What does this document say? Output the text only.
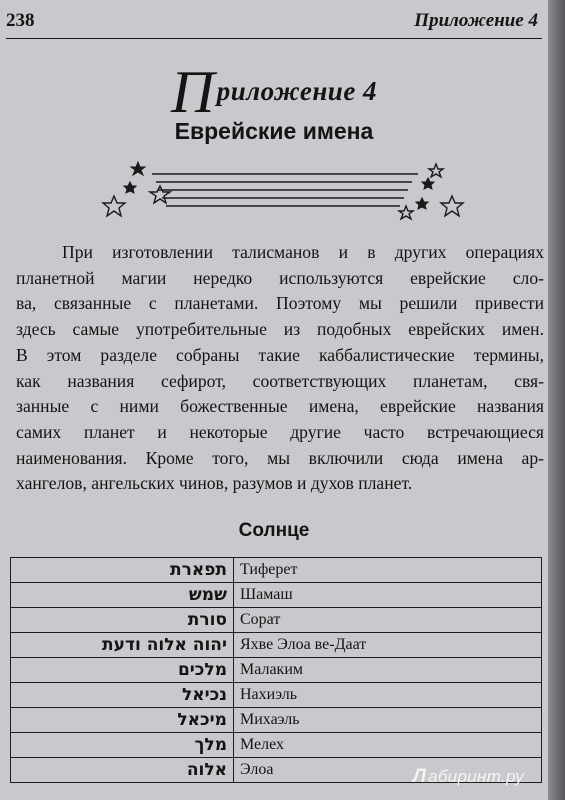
238	Приложение 4
Приложение 4
Еврейские имена
При изготовлении талисманов и в других операциях
планетной магии нередко используются еврейские сло-
ва, связанные с планетами. Поэтому мы решили привести
здесь самые употребительные из подобных еврейских имен.
В этом разделе собраны такие каббалистические термины,
как названия сефирот, соответствующих планетам, свя-
занные с ними божественные имена, еврейские названия
самих планет и некоторые другие часто встречающиеся
наименования. Кроме того, мы включили сюда имена ар-
хангелов, ангельских чинов, разумов и духов планет.
Солнце
תפארת	Тиферет
שמש	Шамаш
סורת	Сорат
יהוה אלוה ודעת	Яхве Элоа ве-Даат
מלכים	Малаким
נכיאל	Нахиэль
מיכאל	Михаэль
מלך	Мелех
אלוה	Элоа	Л абиринт.ру
